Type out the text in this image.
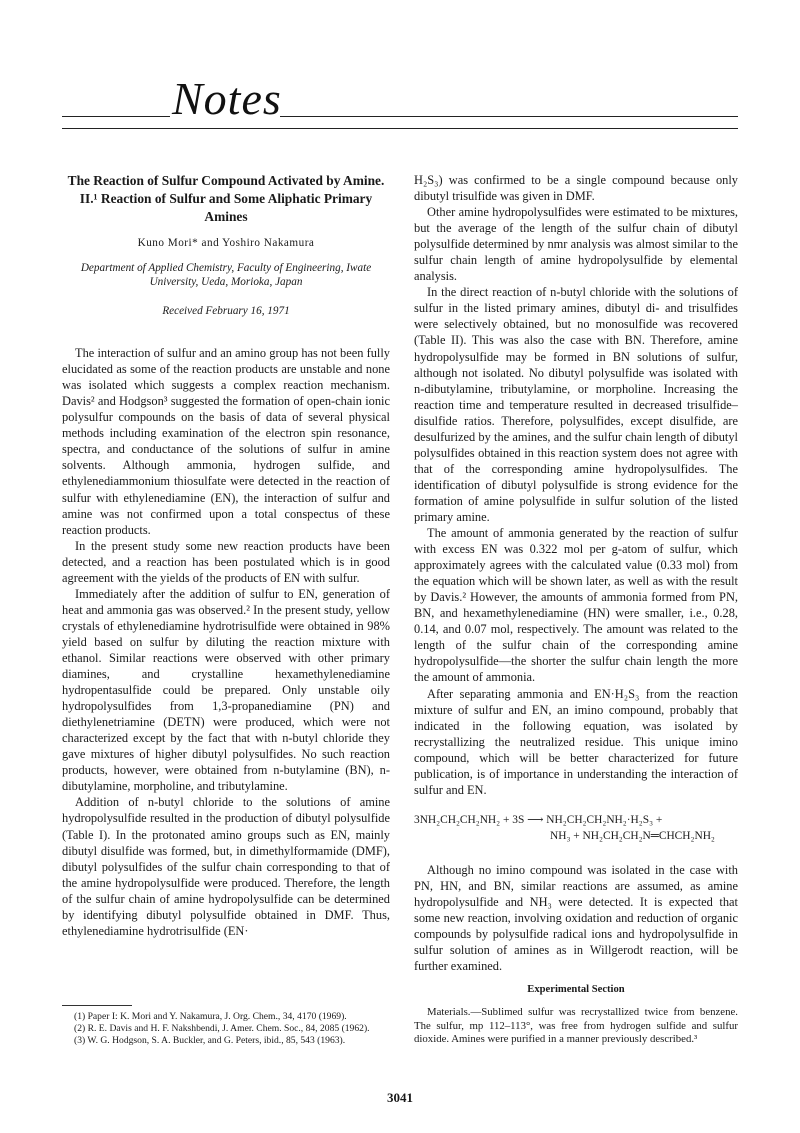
Notes
The Reaction of Sulfur Compound Activated by Amine. II.¹ Reaction of Sulfur and Some Aliphatic Primary Amines
Kuno Mori* and Yoshiro Nakamura
Department of Applied Chemistry, Faculty of Engineering, Iwate University, Ueda, Morioka, Japan
Received February 16, 1971

The interaction of sulfur and an amino group has not been fully elucidated as some of the reaction products are unstable and none was isolated which suggests a complex reaction mechanism. Davis² and Hodgson³ suggested the formation of open-chain ionic polysulfur compounds on the basis of data of several physical methods including examination of the electron spin resonance, spectra, and conductance of the solutions of sulfur in amine solvents. Although ammonia, hydrogen sulfide, and ethylenediammonium thiosulfate were detected in the reaction of sulfur with ethylenediamine (EN), the interaction of sulfur and amine was not confirmed upon a total conspectus of these reaction products.

In the present study some new reaction products have been detected, and a reaction has been postulated which is in good agreement with the yields of the products of EN with sulfur.

Immediately after the addition of sulfur to EN, generation of heat and ammonia gas was observed.² In the present study, yellow crystals of ethylenediamine hydrotrisulfide were obtained in 98% yield based on sulfur by diluting the reaction mixture with ethanol. Similar reactions were observed with other primary diamines, and crystalline hexamethylenediamine hydropentasulfide could be prepared. Only unstable oily hydropolysulfides from 1,3-propanediamine (PN) and diethylenetriamine (DETN) were produced, which were not characterized except by the fact that with n-butyl chloride they gave mixtures of higher dibutyl polysulfides. No such reaction products, however, were obtained from n-butylamine (BN), n-dibutylamine, morpholine, and tributylamine.

Addition of n-butyl chloride to the solutions of amine hydropolysulfide resulted in the production of dibutyl polysulfide (Table I). In the protonated amino groups such as EN, mainly dibutyl disulfide was formed, but, in dimethylformamide (DMF), dibutyl polysulfides of the sulfur chain corresponding to that of the amine hydropolysulfide were produced. Therefore, the length of the sulfur chain of amine hydropolysulfide can be determined by identifying dibutyl polysulfide obtained in DMF. Thus, ethylenediamine hydrotrisulfide (EN·

(1) Paper I: K. Mori and Y. Nakamura, J. Org. Chem., 34, 4170 (1969).
(2) R. E. Davis and H. F. Nakshbendi, J. Amer. Chem. Soc., 84, 2085 (1962).
(3) W. G. Hodgson, S. A. Buckler, and G. Peters, ibid., 85, 543 (1963).

H₂S₃) was confirmed to be a single compound because only dibutyl trisulfide was given in DMF.

Other amine hydropolysulfides were estimated to be mixtures, but the average of the length of the sulfur chain of dibutyl polysulfide determined by nmr analysis was almost similar to the sulfur chain length of amine hydropolysulfide by elemental analysis.

In the direct reaction of n-butyl chloride with the solutions of sulfur in the listed primary amines, dibutyl di- and trisulfides were selectively obtained, but no monosulfide was recovered (Table II). This was also the case with BN. Therefore, amine hydropolysulfide may be formed in BN solutions of sulfur, although not isolated. No dibutyl polysulfide was isolated with n-dibutylamine, tributylamine, or morpholine. Increasing the reaction time and temperature resulted in decreased trisulfide–disulfide ratios. Therefore, polysulfides, except disulfide, are desulfurized by the amines, and the sulfur chain length of dibutyl polysulfides obtained in this reaction system does not agree with that of the corresponding amine hydropolysulfides. The identification of dibutyl polysulfide is strong evidence for the formation of amine polysulfide in sulfur solution of the listed primary amine.

The amount of ammonia generated by the reaction of sulfur with excess EN was 0.322 mol per g-atom of sulfur, which approximately agrees with the calculated value (0.33 mol) from the equation which will be shown later, as well as with the result by Davis.² However, the amounts of ammonia formed from PN, BN, and hexamethylenediamine (HN) were smaller, i.e., 0.28, 0.14, and 0.07 mol, respectively. The amount was related to the length of the sulfur chain of the corresponding amine hydropolysulfide—the shorter the sulfur chain length the more the amount of ammonia.

After separating ammonia and EN·H₂S₃ from the reaction mixture of sulfur and EN, an imino compound, probably that indicated in the following equation, was isolated by recrystallizing the neutralized residue. This unique imino compound, which will be better characterized for future publication, is of importance in understanding the interaction of sulfur and EN.

3NH₂CH₂CH₂NH₂ + 3S ⟶ NH₂CH₂CH₂NH₂·H₂S₃ +
NH₃ + NH₂CH₂CH₂N═CHCH₂NH₂

Although no imino compound was isolated in the case with PN, HN, and BN, similar reactions are assumed, as amine hydropolysulfide and NH₃ were detected. It is expected that some new reaction, involving oxidation and reduction of organic compounds by polysulfide radical ions and hydropolysulfide in sulfur solution of amines as in Willgerodt reaction, will be further examined.

Experimental Section

Materials.—Sublimed sulfur was recrystallized twice from benzene. The sulfur, mp 112–113°, was free from hydrogen sulfide and sulfur dioxide. Amines were purified in a manner previously described.³

3041
